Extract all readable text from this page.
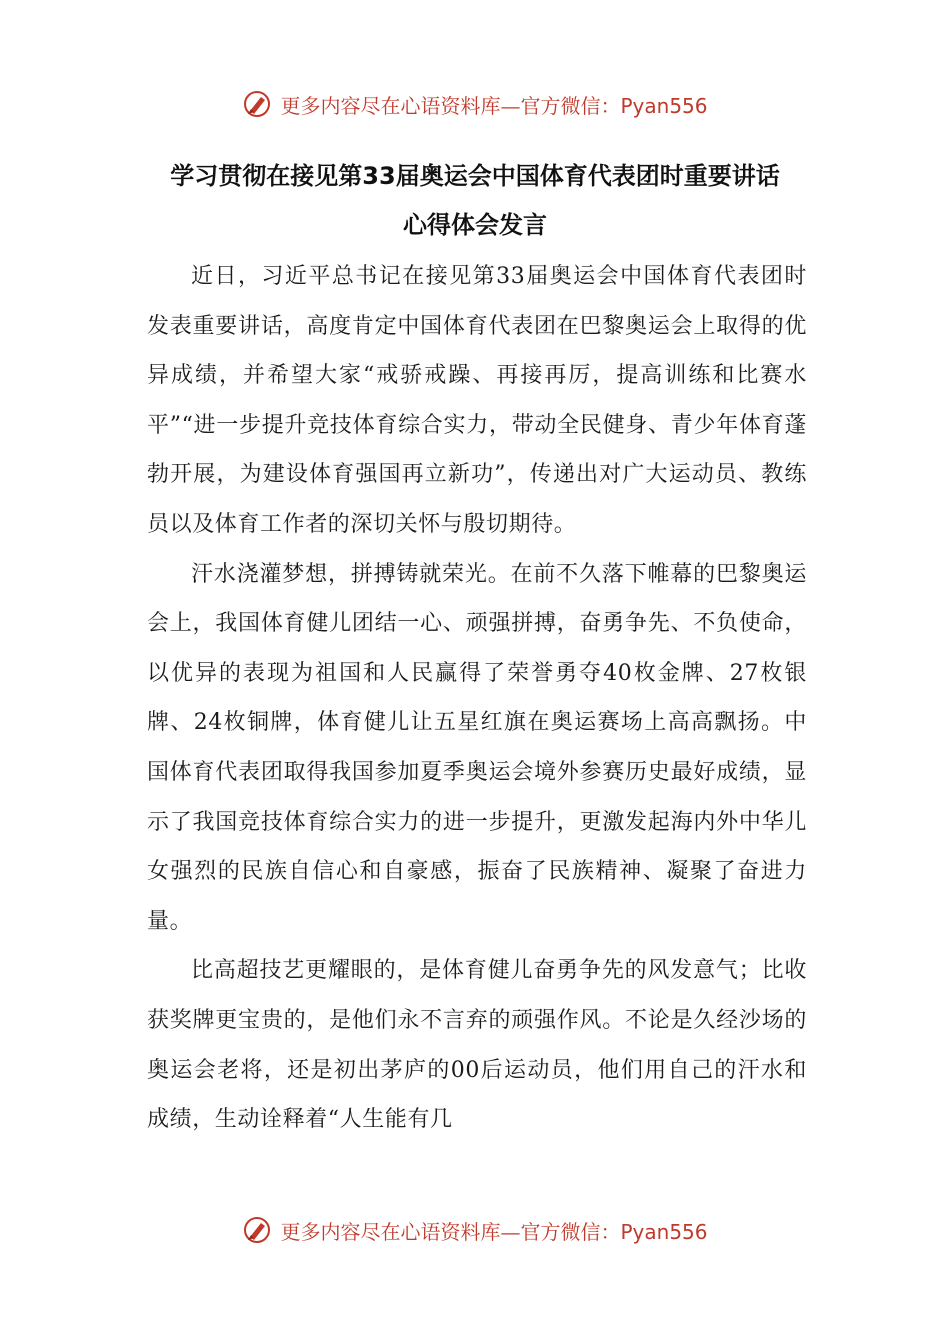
更多内容尽在心语资料库—官方微信：Pyan556
学习贯彻在接见第33届奥运会中国体育代表团时重要讲话
心得体会发言

近日，习近平总书记在接见第33届奥运会中国体育代表团时发表重要讲话，高度肯定中国体育代表团在巴黎奥运会上取得的优异成绩，并希望大家“戒骄戒躁、再接再厉，提高训练和比赛水平”“进一步提升竞技体育综合实力，带动全民健身、青少年体育蓬勃开展，为建设体育强国再立新功”，传递出对广大运动员、教练员以及体育工作者的深切关怀与殷切期待。

汗水浇灌梦想，拼搏铸就荣光。在前不久落下帷幕的巴黎奥运会上，我国体育健儿团结一心、顽强拼搏，奋勇争先、不负使命，以优异的表现为祖国和人民赢得了荣誉勇夺40枚金牌、27枚银牌、24枚铜牌，体育健儿让五星红旗在奥运赛场上高高飘扬。中国体育代表团取得我国参加夏季奥运会境外参赛历史最好成绩，显示了我国竞技体育综合实力的进一步提升，更激发起海内外中华儿女强烈的民族自信心和自豪感，振奋了民族精神、凝聚了奋进力量。

比高超技艺更耀眼的，是体育健儿奋勇争先的风发意气；比收获奖牌更宝贵的，是他们永不言弃的顽强作风。不论是久经沙场的奥运会老将，还是初出茅庐的00后运动员，他们用自己的汗水和成绩，生动诠释着“人生能有几

更多内容尽在心语资料库—官方微信：Pyan556
